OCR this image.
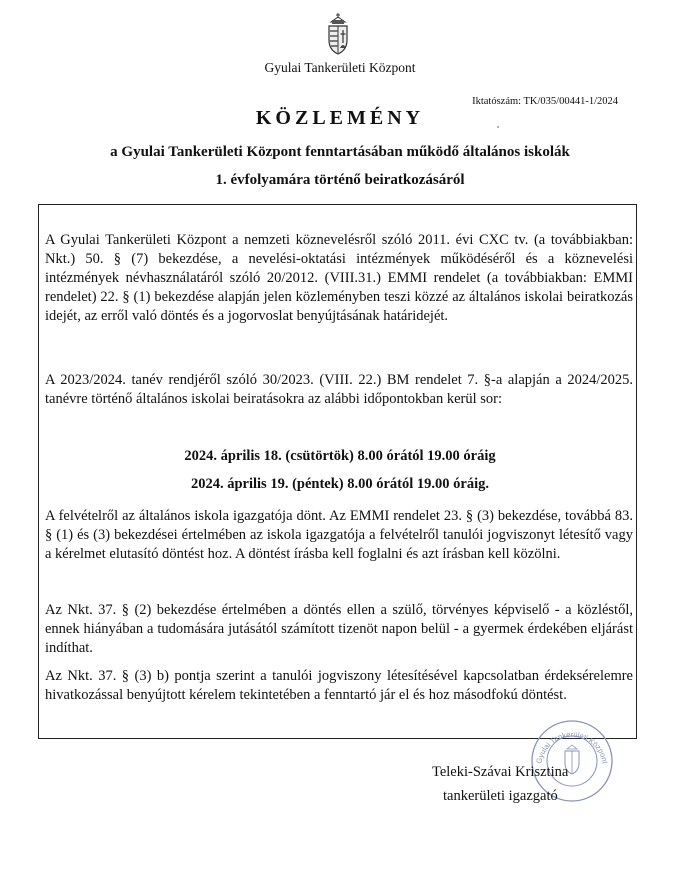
Gyulai Tankerületi Központ
Iktatószám: TK/035/00441-1/2024
KÖZLEMÉNY
a Gyulai Tankerületi Központ fenntartásában működő általános iskolák
1. évfolyamára történő beiratkozásáról
A Gyulai Tankerületi Központ a nemzeti köznevelésről szóló 2011. évi CXC tv. (a továbbiakban: Nkt.) 50. § (7) bekezdése, a nevelési-oktatási intézmények működéséről és a köznevelési intézmények névhasználatáról szóló 20/2012. (VIII.31.) EMMI rendelet (a továbbiakban: EMMI rendelet) 22. § (1) bekezdése alapján jelen közleményben teszi közzé az általános iskolai beiratkozás idejét, az erről való döntés és a jogorvoslat benyújtásának határidejét.
A 2023/2024. tanév rendjéről szóló 30/2023. (VIII. 22.) BM rendelet 7. §-a alapján a 2024/2025. tanévre történő általános iskolai beiratásokra az alábbi időpontokban kerül sor:
2024. április 18. (csütörtök) 8.00 órától 19.00 óráig
2024. április 19. (péntek) 8.00 órától 19.00 óráig.
A felvételről az általános iskola igazgatója dönt. Az EMMI rendelet 23. § (3) bekezdése, továbbá 83. § (1) és (3) bekezdései értelmében az iskola igazgatója a felvételről tanulói jogviszonyt létesítő vagy a kérelmet elutasító döntést hoz. A döntést írásba kell foglalni és azt írásban kell közölni.
Az Nkt. 37. § (2) bekezdése értelmében a döntés ellen a szülő, törvényes képviselő - a közléstől, ennek hiányában a tudomására jutásától számított tizenöt napon belül - a gyermek érdekében eljárást indíthat.
Az Nkt. 37. § (3) b) pontja szerint a tanulói jogviszony létesítésével kapcsolatban érdeksérelemre hivatkozással benyújtott kérelem tekintetében a fenntartó jár el és hoz másodfokú döntést.
Gyulai Tankerületi Központ
Teleki-Szávai Krisztina
tankerületi igazgató
